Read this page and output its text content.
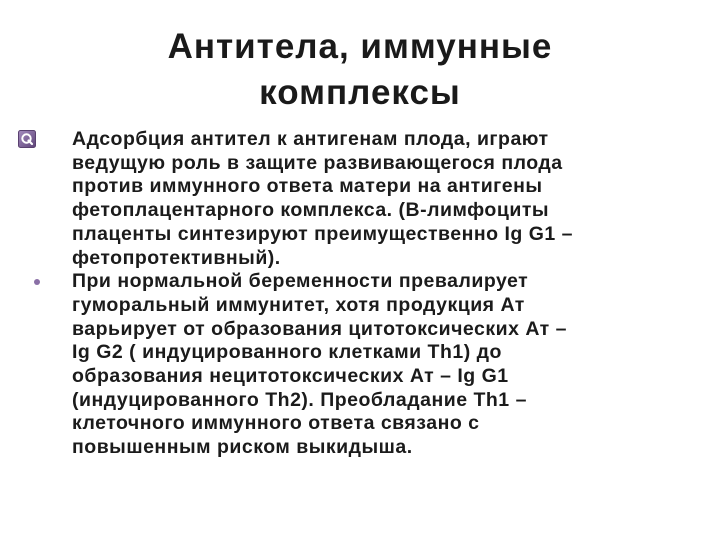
Антитела, иммунные
комплексы

Адсорбция антител к антигенам плода, играют
ведущую роль в защите развивающегося плода
против иммунного ответа матери на антигены
фетоплацентарного комплекса. (В-лимфоциты
плаценты синтезируют преимущественно Ig G1 –
фетопротективный).

При нормальной беременности превалирует
гуморальный иммунитет, хотя продукция Ат
варьирует от образования цитотоксических Ат –
Ig G2 ( индуцированного клетками Th1) до
образования нецитотоксических Ат – Ig G1
(индуцированного Th2). Преобладание Th1 –
клеточного иммунного ответа связано с
повышенным риском выкидыша.
